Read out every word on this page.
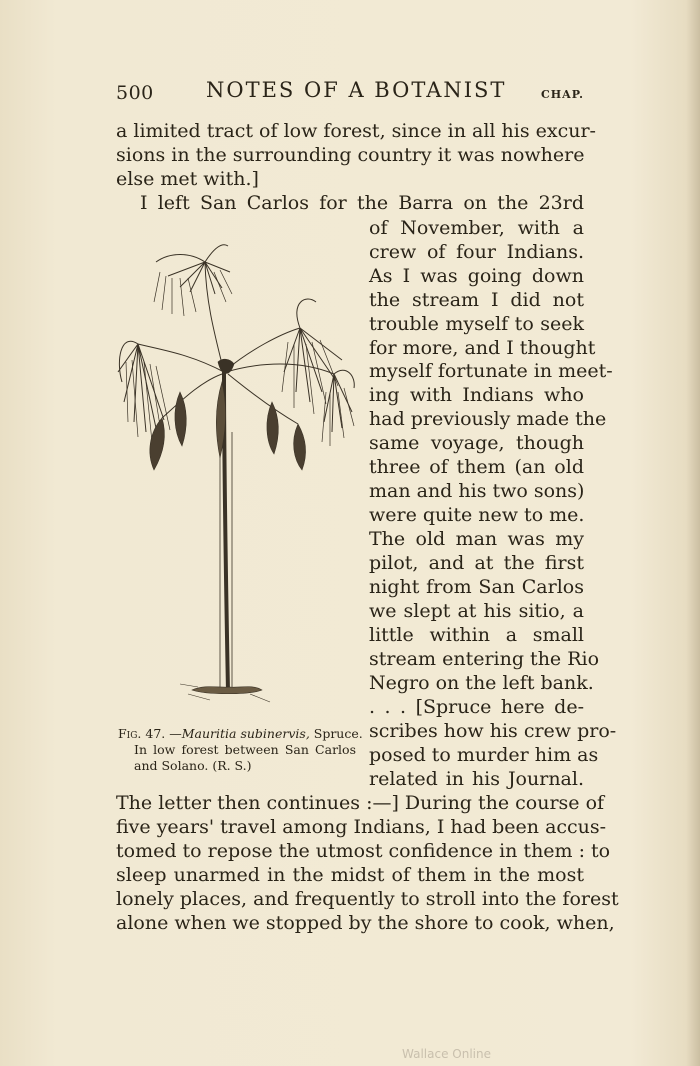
500 NOTES OF A BOTANIST	CHAP.
a limited tract of low forest, since in all his excur-
sions in the surrounding country it was nowhere
else met with.]
I left San Carlos for the Barra on the 23rd
of November, with a
crew of four Indians.
As I was going down
the stream I did not
trouble myself to seek
for more, and I thought
myself fortunate in meet-
ing with Indians who
had previously made the
same voyage, though
three of them (an old
man and his two sons)
were quite new to me.
The old man was my
pilot, and at the first
night from San Carlos
we slept at his sitio, a
little within a small
stream entering the Rio
Negro on the left bank.
. . . [Spruce here de-
scribes how his crew pro-
posed to murder him as
related in his Journal.
Fig. 47. —Mauritia subinervis, Spruce.
In low forest between San Carlos
and Solano. (R. S.)
The letter then continues :—] During the course of
five years' travel among Indians, I had been accus-
tomed to repose the utmost confidence in them : to
sleep unarmed in the midst of them in the most
lonely places, and frequently to stroll into the forest
alone when we stopped by the shore to cook, when,
Wallace Online
